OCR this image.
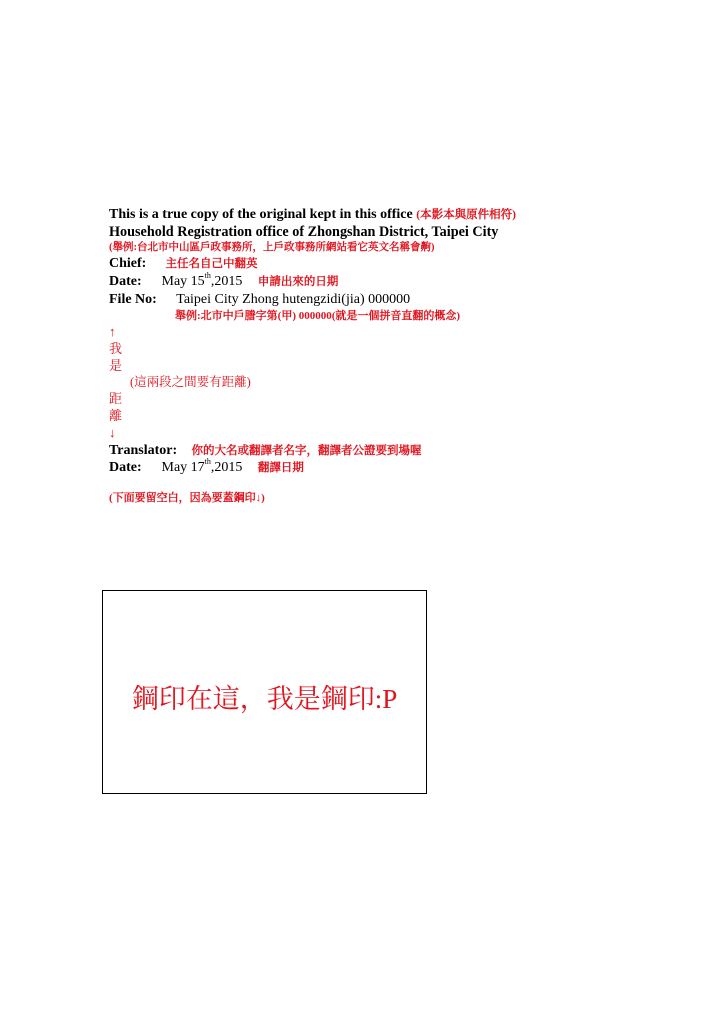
This is a true copy of the original kept in this office (本影本與原件相符)
Household Registration office of Zhongshan District, Taipei City
(舉例:台北市中山區戶政事務所，上戶政事務所網站看它英文名稱會齁)
Chief: 主任名自己中翻英
Date: May 15th,2015 申請出來的日期
File No: Taipei City Zhong hutengzidi(jia) 000000
舉例:北市中戶謄字第(甲) 000000(就是一個拼音直翻的概念)
↑
我
是
(這兩段之間要有距離)
距
離
↓
Translator: 你的大名或翻譯者名字，翻譯者公證要到場喔
Date: May 17th,2015 翻譯日期
(下面要留空白，因為要蓋鋼印↓)
鋼印在這，我是鋼印:P
